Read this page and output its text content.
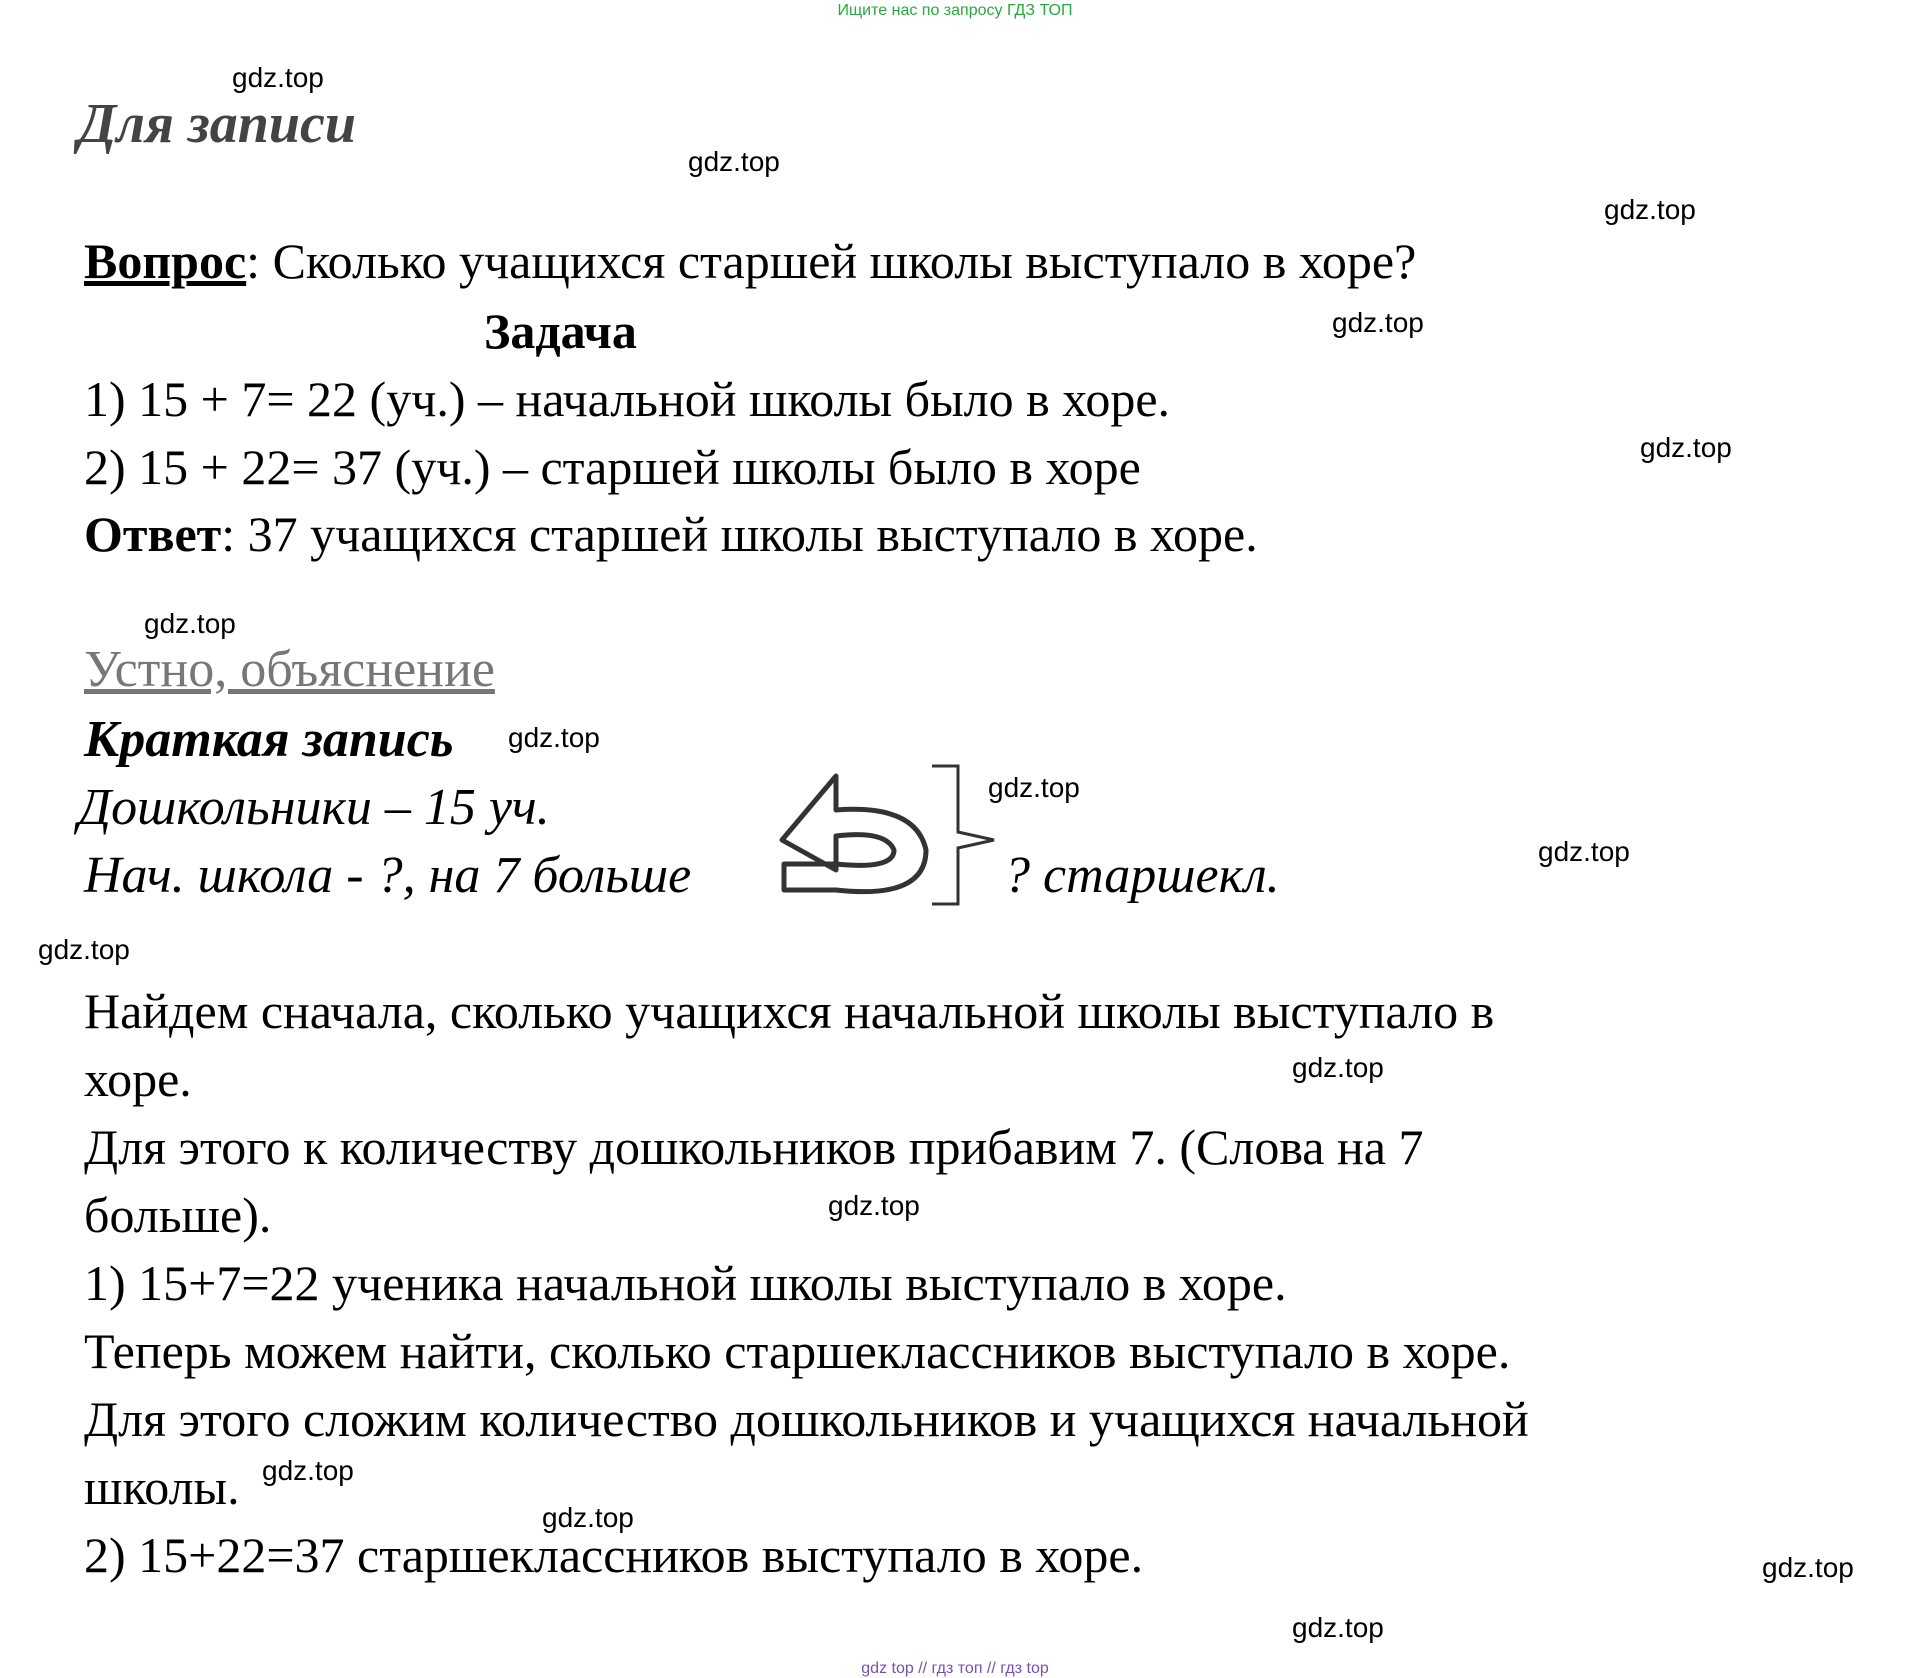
Ищите нас по запросу ГДЗ ТОП
gdz.top
gdz.top
gdz.top
gdz.top
gdz.top
gdz.top
gdz.top
gdz.top
gdz.top
gdz.top
gdz.top
gdz.top
gdz.top
gdz.top
gdz.top
gdz.top
Для записи
Вопрос: Сколько учащихся старшей школы выступало в хоре?
Задача
1) 15 + 7= 22 (уч.) – начальной школы было в хоре.
2) 15 + 22= 37 (уч.) – старшей школы было в хоре
Ответ: 37 учащихся старшей школы выступало в хоре.
Устно, объяснение
Краткая запись
Дошкольники – 15 уч.
Нач. школа - ?, на 7 больше	? старшекл.
Найдем сначала, сколько учащихся начальной школы выступало в
хоре.
Для этого к количеству дошкольников прибавим 7. (Слова на 7
больше).
1) 15+7=22 ученика начальной школы выступало в хоре.
Теперь можем найти, сколько старшеклассников выступало в хоре.
Для этого сложим количество дошкольников и учащихся начальной
школы.
2) 15+22=37 старшеклассников выступало в хоре.
gdz top // гдз топ // гдз top
